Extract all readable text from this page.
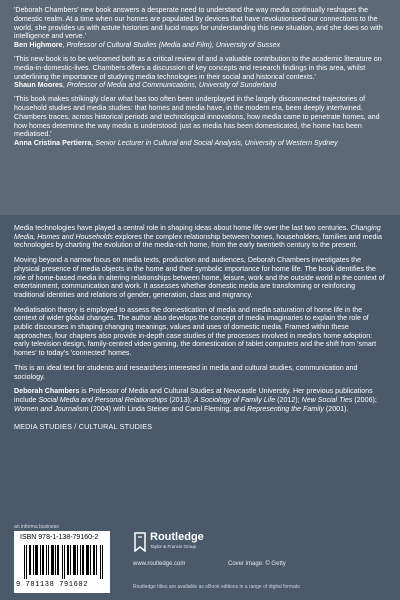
'Deborah Chambers' new book answers a desperate need to understand the way media continually reshapes the domestic realm. At a time when our homes are populated by devices that have revolutionised our connections to the world, she provides us with astute histories and lucid maps for understanding this new situation, and she does so with intelligence and verve.'
Ben Highmore, Professor of Cultural Studies (Media and Film), University of Sussex
'This new book is to be welcomed both as a critical review of and a valuable contribution to the academic literature on media-in-domestic-lives. Chambers offers a discussion of key concepts and research findings in this area, whilst underlining the importance of studying media technologies in their social and historical contexts.'
Shaun Moores, Professor of Media and Communications, University of Sunderland
'This book makes strikingly clear what has too often been underplayed in the largely disconnected trajectories of household studies and media studies: that homes and media have, in the modern era, been deeply intertwined. Chambers traces, across historical periods and technological innovations, how media came to penetrate homes, and how homes determine the way media is understood: just as media has been domesticated, the home has been mediatised.'
Anna Cristina Pertierra, Senior Lecturer in Cultural and Social Analysis, University of Western Sydney

Media technologies have played a central role in shaping ideas about home life over the last two centuries. Changing Media, Homes and Households explores the complex relationship between homes, householders, families and media technologies by charting the evolution of the media-rich home, from the early twentieth century to the present.

Moving beyond a narrow focus on media texts, production and audiences, Deborah Chambers investigates the physical presence of media objects in the home and their symbolic importance for home life. The book identifies the role of home-based media in altering relationships between home, leisure, work and the outside world in the context of entertainment, communication and work. It assesses whether domestic media are transforming or reinforcing traditional identities and relations of gender, generation, class and migrancy.

Mediatisation theory is employed to assess the domestication of media and media saturation of home life in the context of wider global changes. The author also develops the concept of media imaginaries to explain the role of public discourses in shaping changing meanings, values and uses of domestic media. Framed within these approaches, four chapters also provide in-depth case studies of the processes involved in media's home adoption: early television design, family-centred video gaming, the domestication of tablet computers and the shift from 'smart homes' to today's 'connected' homes.

This is an ideal text for students and researchers interested in media and cultural studies, communication and sociology.

Deborah Chambers is Professor of Media and Cultural Studies at Newcastle University. Her previous publications include Social Media and Personal Relationships (2013); A Sociology of Family Life (2012); New Social Ties (2006); Women and Journalism (2004) with Linda Steiner and Carol Fleming; and Representing the Family (2001).

MEDIA STUDIES / CULTURAL STUDIES
an informa business
ISBN 978-1-138-79160-2
9 781138 791602
Routledge
Taylor & Francis Group
www.routledge.com	Cover image: © Getty
Routledge titles are available as eBook editions in a range of digital formats
